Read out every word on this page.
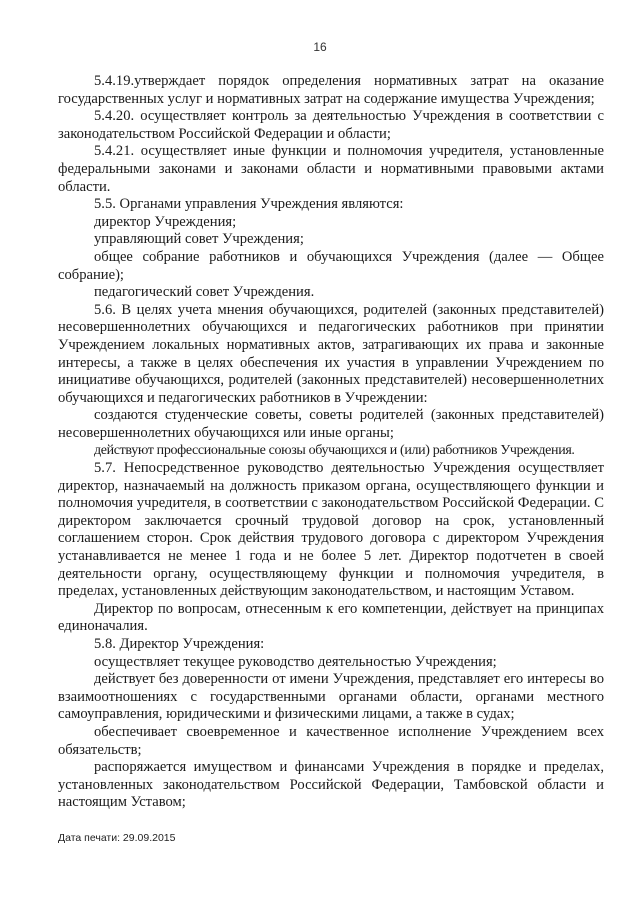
16

5.4.19.утверждает порядок определения нормативных затрат на оказание государственных услуг и нормативных затрат на содержание имущества Учреждения;

5.4.20. осуществляет контроль за деятельностью Учреждения в соответствии с законодательством Российской Федерации и области;

5.4.21. осуществляет иные функции и полномочия учредителя, установленные федеральными законами и законами области и нормативными правовыми актами области.

5.5. Органами управления Учреждения являются:

директор Учреждения;

управляющий совет Учреждения;

общее собрание работников и обучающихся Учреждения (далее — Общее собрание);

педагогический совет Учреждения.

5.6. В целях учета мнения обучающихся, родителей (законных представителей) несовершеннолетних обучающихся и педагогических работников при принятии Учреждением локальных нормативных актов, затрагивающих их права и законные интересы, а также в целях обеспечения их участия в управлении Учреждением по инициативе обучающихся, родителей (законных представителей) несовершеннолетних обучающихся и педагогических работников в Учреждении:

создаются студенческие советы, советы родителей (законных представителей) несовершеннолетних обучающихся или иные органы;

действуют профессиональные союзы обучающихся и (или) работников Учреждения.

5.7. Непосредственное руководство деятельностью Учреждения осуществляет директор, назначаемый на должность приказом органа, осуществляющего функции и полномочия учредителя, в соответствии с законодательством Российской Федерации. С директором заключается срочный трудовой договор на срок, установленный соглашением сторон. Срок действия трудового договора с директором Учреждения устанавливается не менее 1 года и не более 5 лет. Директор подотчетен в своей деятельности органу, осуществляющему функции и полномочия учредителя, в пределах, установленных действующим законодательством, и настоящим Уставом.

Директор по вопросам, отнесенным к его компетенции, действует на принципах единоначалия.

5.8. Директор Учреждения:

осуществляет текущее руководство деятельностью Учреждения;

действует без доверенности от имени Учреждения, представляет его интересы во взаимоотношениях с государственными органами области, органами местного самоуправления, юридическими и физическими лицами, а также в судах;

обеспечивает своевременное и качественное исполнение Учреждением всех обязательств;

распоряжается имуществом и финансами Учреждения в порядке и пределах, установленных законодательством Российской Федерации, Тамбовской области и настоящим Уставом;

Дата печати: 29.09.2015
